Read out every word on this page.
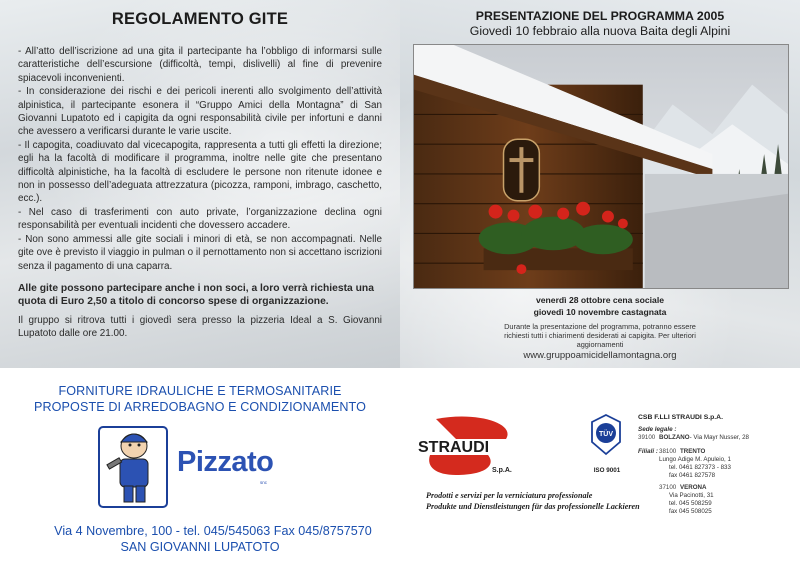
REGOLAMENTO GITE

- All’atto dell’iscrizione ad una gita il partecipante ha l’obbligo di informarsi sulle caratteristiche dell’escursione (difficoltà, tempi, dislivelli) al fine di prevenire spiacevoli inconvenienti.

- In considerazione dei rischi e dei pericoli inerenti allo svolgimento dell’attività alpinistica, il partecipante esonera il “Gruppo Amici della Montagna” di San Giovanni Lupatoto ed i capigita da ogni responsabilità civile per infortuni e danni che avessero a verificarsi durante le varie uscite.

- Il capogita, coadiuvato dal vicecapogita, rappresenta a tutti gli effetti la direzione; egli ha la facoltà di modificare il programma, inoltre nelle gite che presentano difficoltà alpinistiche, ha la facoltà di escludere le persone non ritenute idonee e non in possesso dell’adeguata attrezzatura (picozza, ramponi, imbrago, caschetto, ecc.).

- Nel caso di trasferimenti con auto private, l’organizzazione declina ogni responsabilità per eventuali incidenti che dovessero accadere.

- Non sono ammessi alle gite sociali i minori di età, se non accompagnati. Nelle gite ove è previsto il viaggio in pulman o il pernottamento non si accettano iscrizioni senza il pagamento di una caparra.

Alle gite possono partecipare anche i non soci, a loro verrà richiesta una quota di Euro 2,50 a titolo di concorso spese di organizzazione.

Il gruppo si ritrova tutti i giovedì sera presso la pizzeria Ideal a S. Giovanni Lupatoto dalle ore 21.00.

PRESENTAZIONE DEL PROGRAMMA 2005
Giovedì 10 febbraio alla nuova Baita degli Alpini
venerdì 28 ottobre cena sociale
giovedì 10 novembre castagnata
Durante la presentazione del programma, potranno essere richiesti tutti i chiarimenti desiderati ai capigita. Per ulteriori aggiornamenti
www.gruppoamicidellamontagna.org
FORNITURE IDRAULICHE E TERMOSANITARIE
PROPOSTE DI ARREDOBAGNO E CONDIZIONAMENTO
Pizzato
snc
Via 4 Novembre, 100 - tel. 045/545063 Fax 045/8757570
SAN GIOVANNI LUPATOTO
STRAUDI
S.p.A.
Prodotti e servizi per la verniciatura professionale
Produkte und Dienstleistungen für das professionelle Lackieren
TÜV
ISO 9001
CSB F.LLI STRAUDI S.p.A.
Sede legale :
39100 BOLZANO - Via Mayr Nusser, 28
Filiali : 38100 TRENTO
Lungo Adige M. Apuleio, 1
tel. 0461 827373 - 833
fax 0461 827578
37100 VERONA
Via Pacinotti, 31
tel. 045 508259
fax 045 508025
